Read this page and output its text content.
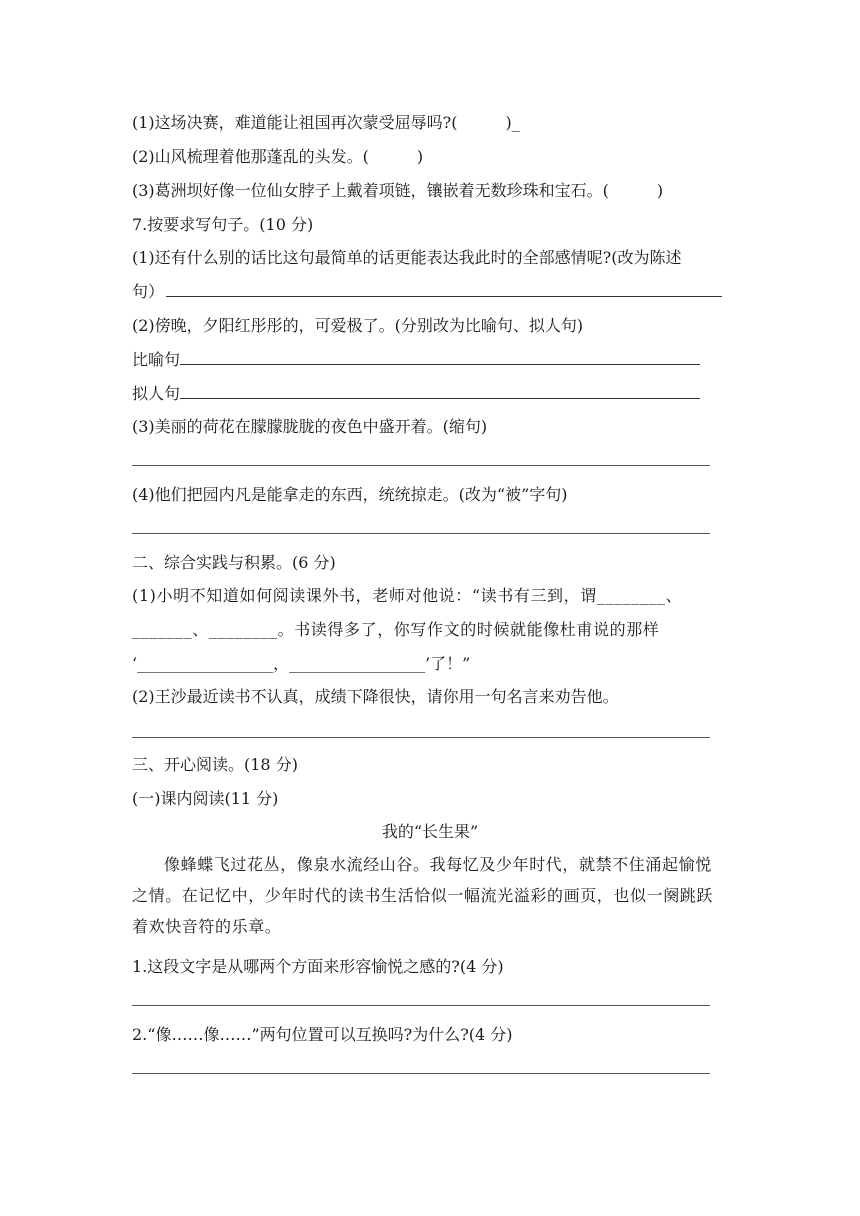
(1)这场决赛，难道能让祖国再次蒙受屈辱吗?(　　　)_
(2)山风梳理着他那蓬乱的头发。(　　　)
(3)葛洲坝好像一位仙女脖子上戴着项链，镶嵌着无数珍珠和宝石。(　　　)
7.按要求写句子。(10 分)
(1)还有什么别的话比这句最简单的话更能表达我此时的全部感情呢?(改为陈述
句）
(2)傍晚，夕阳红彤彤的，可爱极了。(分别改为比喻句、拟人句)
比喻句
拟人句
(3)美丽的荷花在朦朦胧胧的夜色中盛开着。(缩句)
(4)他们把园内凡是能拿走的东西，统统掠走。(改为“被”字句)
二、综合实践与积累。(6 分)
(1)小明不知道如何阅读课外书，老师对他说：“读书有三到，谓________、
_______、________。书读得多了，你写作文的时候就能像杜甫说的那样
‘_________________，_________________’了！”
(2)王沙最近读书不认真，成绩下降很快，请你用一句名言来劝告他。
三、开心阅读。(18 分)
(一)课内阅读(11 分)
我的“长生果”
像蜂蝶飞过花丛，像泉水流经山谷。我每忆及少年时代，就禁不住涌起愉悦之情。在记忆中，少年时代的读书生活恰似一幅流光溢彩的画页，也似一阕跳跃着欢快音符的乐章。
1.这段文字是从哪两个方面来形容愉悦之感的?(4 分)
2.“像……像……”两句位置可以互换吗?为什么?(4 分)
